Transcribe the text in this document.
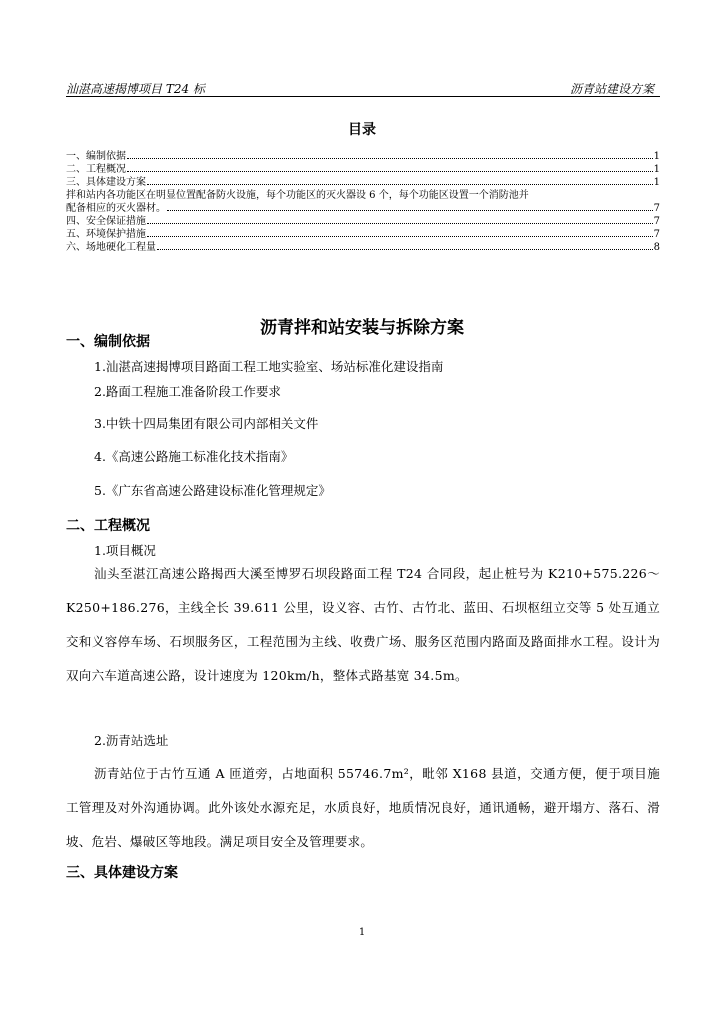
汕湛高速揭博项目 T24 标	沥青站建设方案
目录
一、编制依据	1
二、工程概况	1
三、具体建设方案	1
拌和站内各功能区在明显位置配备防火设施，每个功能区的灭火器设 6 个，每个功能区设置一个消防池并
配备相应的灭火器材。	7
四、安全保证措施	7
五、环境保护措施	7
六、场地硬化工程量	8
沥青拌和站安装与拆除方案
一、编制依据
1.汕湛高速揭博项目路面工程工地实验室、场站标准化建设指南
2.路面工程施工准备阶段工作要求
3.中铁十四局集团有限公司内部相关文件
4.《高速公路施工标准化技术指南》
5.《广东省高速公路建设标准化管理规定》
二、工程概况
1.项目概况
汕头至湛江高速公路揭西大溪至博罗石坝段路面工程 T24 合同段，起止桩号为 K210+575.226～K250+186.276，主线全长 39.611 公里，设义容、古竹、古竹北、蓝田、石坝枢纽立交等 5 处互通立交和义容停车场、石坝服务区，工程范围为主线、收费广场、服务区范围内路面及路面排水工程。设计为双向六车道高速公路，设计速度为 120km/h，整体式路基宽 34.5m。
2.沥青站选址
沥青站位于古竹互通 A 匝道旁，占地面积 55746.7m²，毗邻 X168 县道，交通方便，便于项目施工管理及对外沟通协调。此外该处水源充足，水质良好，地质情况良好，通讯通畅，避开塌方、落石、滑坡、危岩、爆破区等地段。满足项目安全及管理要求。
三、具体建设方案
1
